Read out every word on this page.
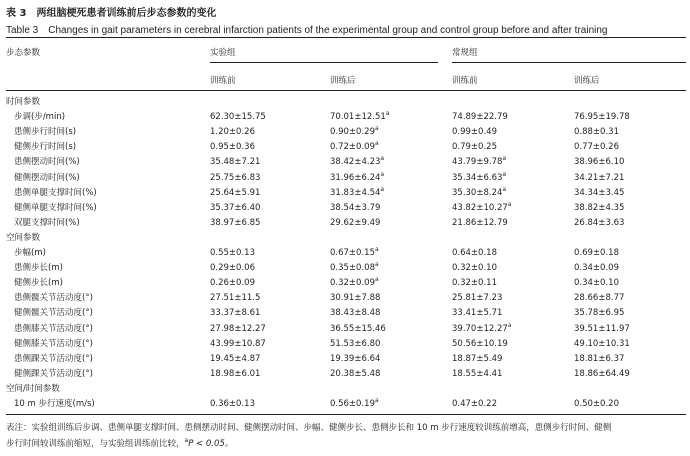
表 3　两组脑梗死患者训练前后步态参数的变化
Table 3　Changes in gait parameters in cerebral infarction patients of the experimental group and control group before and after training
步态参数	实验组	常规组
训练前	训练后	训练前	训练后
时间参数
步调(步/min)	62.30±15.75	70.01±12.51$^a$	74.89±22.79	76.95±19.78
患侧步行时间(s)	1.20±0.26	0.90±0.29$^a$	0.99±0.49	0.88±0.31
健侧步行时间(s)	0.95±0.36	0.72±0.09$^a$	0.79±0.25	0.77±0.26
患侧摆动时间(%)	35.48±7.21	38.42±4.23$^a$	43.79±9.78$^a$	38.96±6.10
健侧摆动时间(%)	25.75±6.83	31.96±6.24$^a$	35.34±6.63$^a$	34.21±7.21
患侧单腿支撑时间(%)	25.64±5.91	31.83±4.54$^a$	35.30±8.24$^a$	34.34±3.45
健侧单腿支撑时间(%)	35.37±6.40	38.54±3.79	43.82±10.27$^a$	38.82±4.35
双腿支撑时间(%)	38.97±6.85	29.62±9.49	21.86±12.79	26.84±3.63
空间参数
步幅(m)	0.55±0.13	0.67±0.15$^a$	0.64±0.18	0.69±0.18
患侧步长(m)	0.29±0.06	0.35±0.08$^a$	0.32±0.10	0.34±0.09
健侧步长(m)	0.26±0.09	0.32±0.09$^a$	0.32±0.11	0.34±0.10
患侧髋关节活动度(°)	27.51±11.5	30.91±7.88	25.81±7.23	28.66±8.77
健侧髋关节活动度(°)	33.37±8.61	38.43±8.48	33.41±5.71	35.78±6.95
患侧膝关节活动度(°)	27.98±12.27	36.55±15.46	39.70±12.27$^a$	39.51±11.97
健侧膝关节活动度(°)	43.99±10.87	51.53±6.80	50.56±10.19	49.10±10.31
患侧踝关节活动度(°)	19.45±4.87	19.39±6.64	18.87±5.49	18.81±6.37
健侧踝关节活动度(°)	18.98±6.01	20.38±5.48	18.55±4.41	18.86±64.49
空间/时间参数
10 m 步行速度(m/s)	0.36±0.13	0.56±0.19$^a$	0.47±0.22	0.50±0.20
表注：实验组训练后步调、患侧单腿支撑时间、患侧摆动时间、健侧摆动时间、步幅、健侧步长、患侧步长和 10 m 步行速度较训练前增高，患侧步行时间、健侧
步行时间较训练前缩短，与实验组训练前比较，$^a$P < 0.05。
